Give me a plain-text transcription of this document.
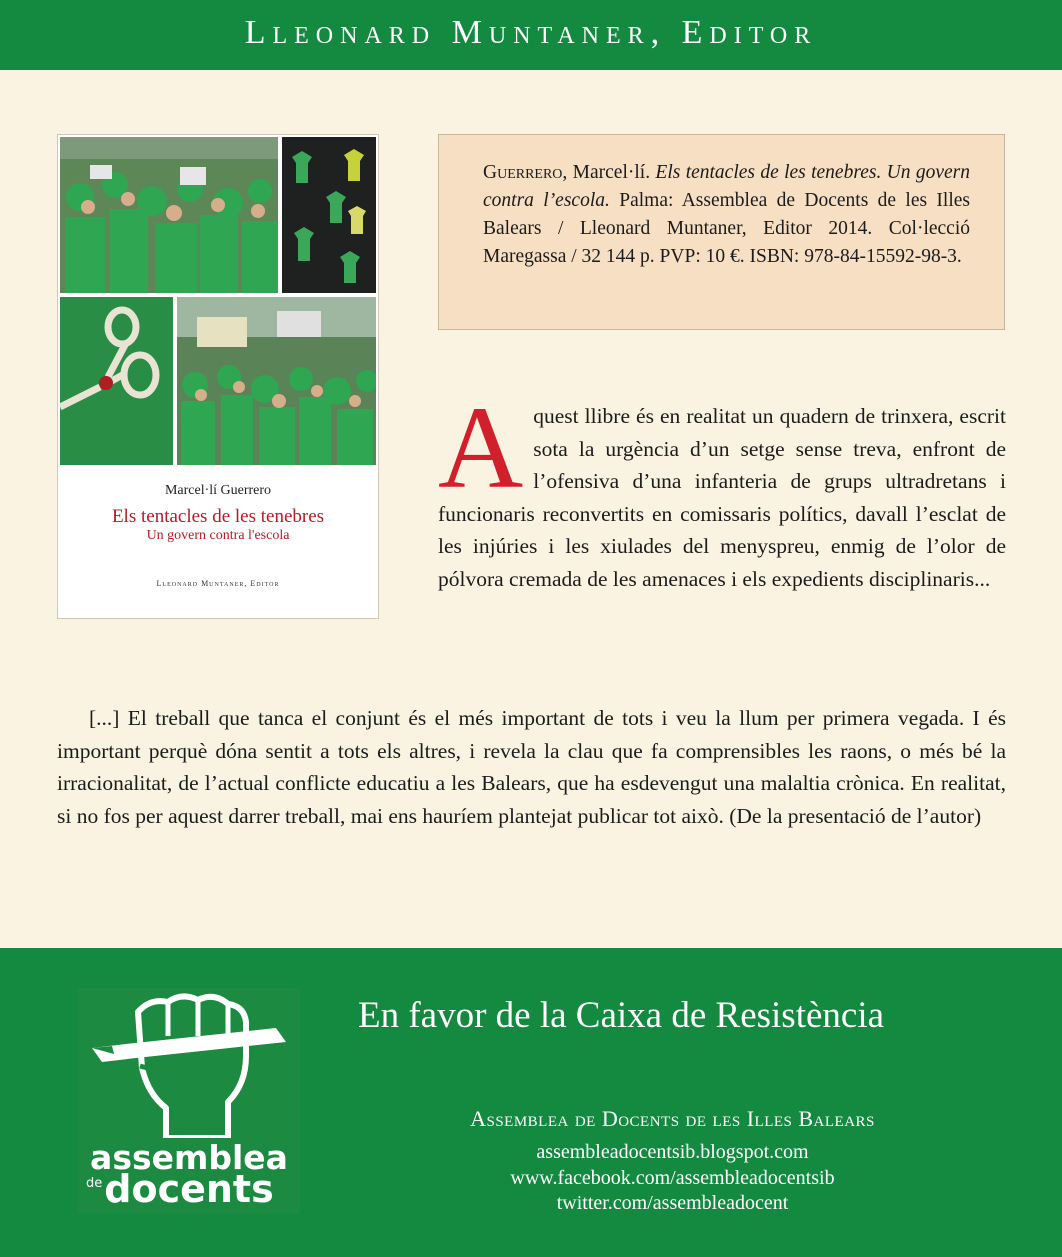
Lleonard Muntaner, Editor
Marcel·lí Guerrero
Els tentacles de les tenebres
Un govern contra l'escola
Lleonard Muntaner, Editor
Guerrero, Marcel·lí. Els tentacles de les tenebres. Un govern contra l’escola. Palma: Assemblea de Docents de les Illes Balears / Lleonard Muntaner, Editor 2014. Col·lecció Maregassa / 32 144 p. PVP: 10 €. ISBN: 978-84-15592-98-3.
Aquest llibre és en realitat un quadern de trinxera, escrit sota la urgència d’un setge sense treva, enfront de l’ofensiva d’una infanteria de grups ultradretans i funcionaris reconvertits en comissaris polítics, davall l’esclat de les injúries i les xiulades del menyspreu, enmig de l’olor de pólvora cremada de les amenaces i els expedients disciplinaris...
[...] El treball que tanca el conjunt és el més important de tots i veu la llum per primera vegada. I és important perquè dóna sentit a tots els altres, i revela la clau que fa comprensibles les raons, o més bé la irracionalitat, de l’actual conflicte educatiu a les Balears, que ha esdevengut una malaltia crònica. En realitat, si no fos per aquest darrer treball, mai ens hauríem plantejat publicar tot això. (De la presentació de l’autor)
assemblea
de docents
En favor de la Caixa de Resistència
Assemblea de Docents de les Illes Balears
assembleadocentsib.blogspot.com
www.facebook.com/assembleadocentsib
twitter.com/assembleadocent
